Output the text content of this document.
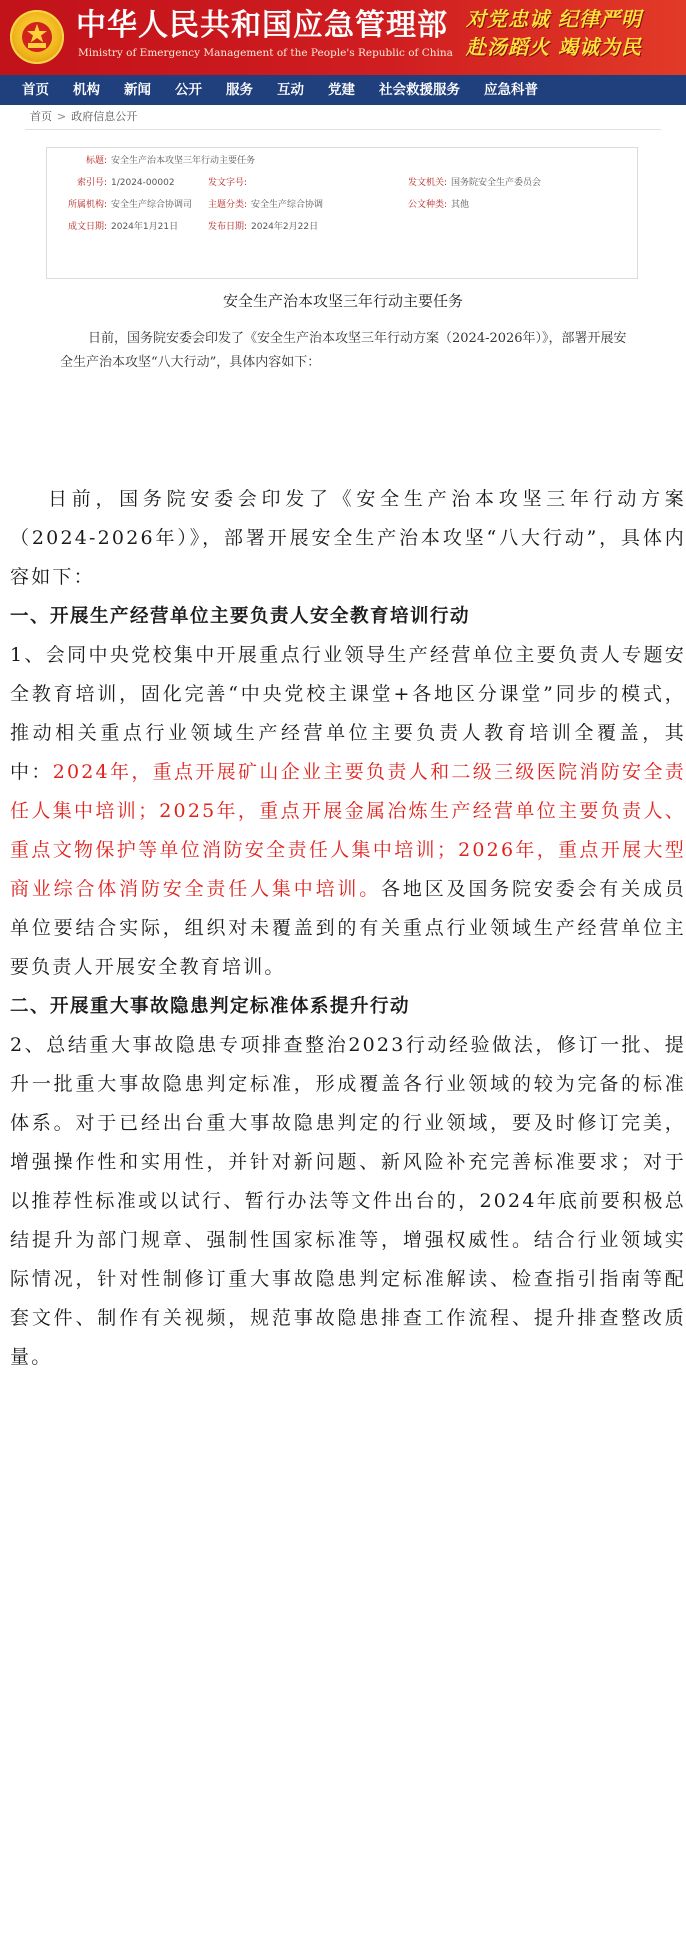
中华人民共和国应急管理部
Ministry of Emergency Management of the People's Republic of China
对党忠诚 纪律严明
赴汤蹈火 竭诚为民
首页	机构	新闻	公开	服务	互动	党建	社会救援服务	应急科普
首页 > 政府信息公开
标题: 安全生产治本攻坚三年行动主要任务
索引号: 1/2024-00002	发文字号:	发文机关: 国务院安全生产委员会
所属机构: 安全生产综合协调司	主题分类: 安全生产综合协调	公文种类: 其他
成文日期: 2024年1月21日	发布日期: 2024年2月22日
安全生产治本攻坚三年行动主要任务
日前，国务院安委会印发了《安全生产治本攻坚三年行动方案（2024-2026年）》，部署开展安全生产治本攻坚“八大行动”，具体内容如下：

日前，国务院安委会印发了《安全生产治本攻坚三年行动方案（2024-2026年）》，部署开展安全生产治本攻坚“八大行动”，具体内容如下：

一、开展生产经营单位主要负责人安全教育培训行动

1、会同中央党校集中开展重点行业领导生产经营单位主要负责人专题安全教育培训，固化完善“中央党校主课堂+各地区分课堂”同步的模式，推动相关重点行业领域生产经营单位主要负责人教育培训全覆盖，其中：2024年，重点开展矿山企业主要负责人和二级三级医院消防安全责任人集中培训；2025年，重点开展金属冶炼生产经营单位主要负责人、重点文物保护等单位消防安全责任人集中培训；2026年，重点开展大型商业综合体消防安全责任人集中培训。各地区及国务院安委会有关成员单位要结合实际，组织对未覆盖到的有关重点行业领域生产经营单位主要负责人开展安全教育培训。

二、开展重大事故隐患判定标准体系提升行动

2、总结重大事故隐患专项排查整治2023行动经验做法，修订一批、提升一批重大事故隐患判定标准，形成覆盖各行业领域的较为完备的标准体系。对于已经出台重大事故隐患判定的行业领域，要及时修订完美，增强操作性和实用性，并针对新问题、新风险补充完善标准要求；对于以推荐性标准或以试行、暂行办法等文件出台的，2024年底前要积极总结提升为部门规章、强制性国家标准等，增强权威性。结合行业领域实际情况，针对性制修订重大事故隐患判定标准解读、检查指引指南等配套文件、制作有关视频，规范事故隐患排查工作流程、提升排查整改质量。
